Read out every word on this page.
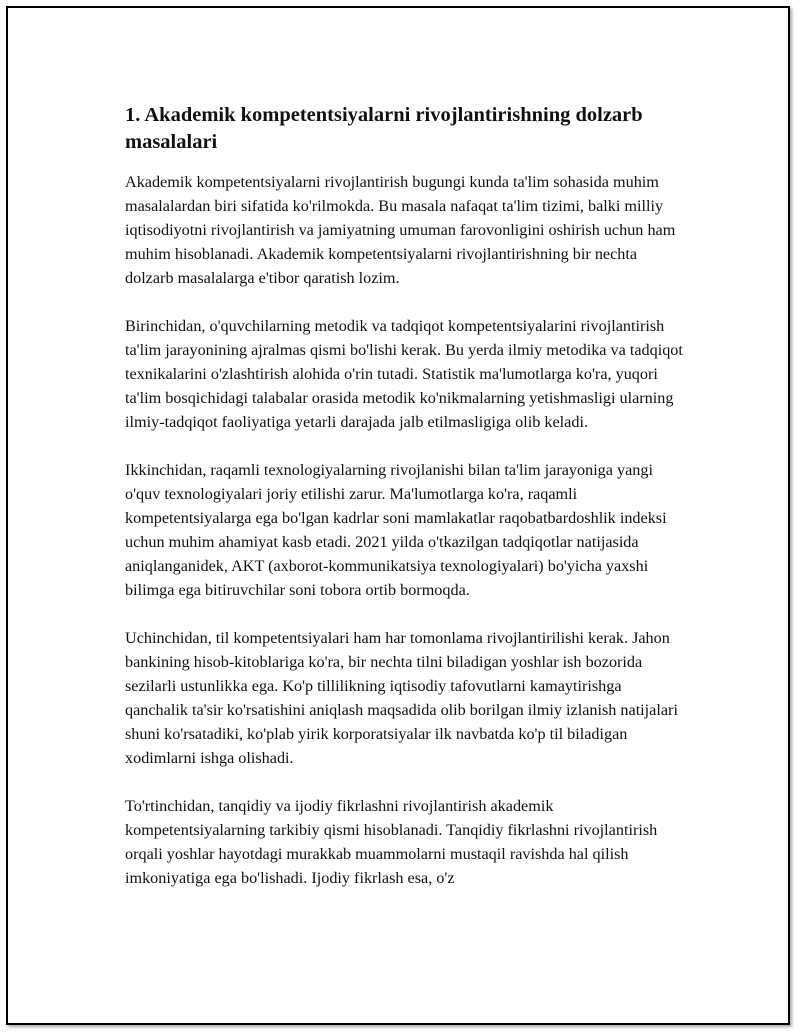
1. Akademik kompetentsiyalarni rivojlantirishning dolzarb masalalari

Akademik kompetentsiyalarni rivojlantirish bugungi kunda ta'lim sohasida muhim masalalardan biri sifatida ko'rilmokda. Bu masala nafaqat ta'lim tizimi, balki milliy iqtisodiyotni rivojlantirish va jamiyatning umuman farovonligini oshirish uchun ham muhim hisoblanadi. Akademik kompetentsiyalarni rivojlantirishning bir nechta dolzarb masalalarga e'tibor qaratish lozim.

Birinchidan, o'quvchilarning metodik va tadqiqot kompetentsiyalarini rivojlantirish ta'lim jarayonining ajralmas qismi bo'lishi kerak. Bu yerda ilmiy metodika va tadqiqot texnikalarini o'zlashtirish alohida o'rin tutadi. Statistik ma'lumotlarga ko'ra, yuqori ta'lim bosqichidagi talabalar orasida metodik ko'nikmalarning yetishmasligi ularning ilmiy-tadqiqot faoliyatiga yetarli darajada jalb etilmasligiga olib keladi.

Ikkinchidan, raqamli texnologiyalarning rivojlanishi bilan ta'lim jarayoniga yangi o'quv texnologiyalari joriy etilishi zarur. Ma'lumotlarga ko'ra, raqamli kompetentsiyalarga ega bo'lgan kadrlar soni mamlakatlar raqobatbardoshlik indeksi uchun muhim ahamiyat kasb etadi. 2021 yilda o'tkazilgan tadqiqotlar natijasida aniqlanganidek, AKT (axborot-kommunikatsiya texnologiyalari) bo'yicha yaxshi bilimga ega bitiruvchilar soni tobora ortib bormoqda.

Uchinchidan, til kompetentsiyalari ham har tomonlama rivojlantirilishi kerak. Jahon bankining hisob-kitoblariga ko'ra, bir nechta tilni biladigan yoshlar ish bozorida sezilarli ustunlikka ega. Ko'p tillilikning iqtisodiy tafovutlarni kamaytirishga qanchalik ta'sir ko'rsatishini aniqlash maqsadida olib borilgan ilmiy izlanish natijalari shuni ko'rsatadiki, ko'plab yirik korporatsiyalar ilk navbatda ko'p til biladigan xodimlarni ishga olishadi.

To'rtinchidan, tanqidiy va ijodiy fikrlashni rivojlantirish akademik kompetentsiyalarning tarkibiy qismi hisoblanadi. Tanqidiy fikrlashni rivojlantirish orqali yoshlar hayotdagi murakkab muammolarni mustaqil ravishda hal qilish imkoniyatiga ega bo'lishadi. Ijodiy fikrlash esa, o'z
